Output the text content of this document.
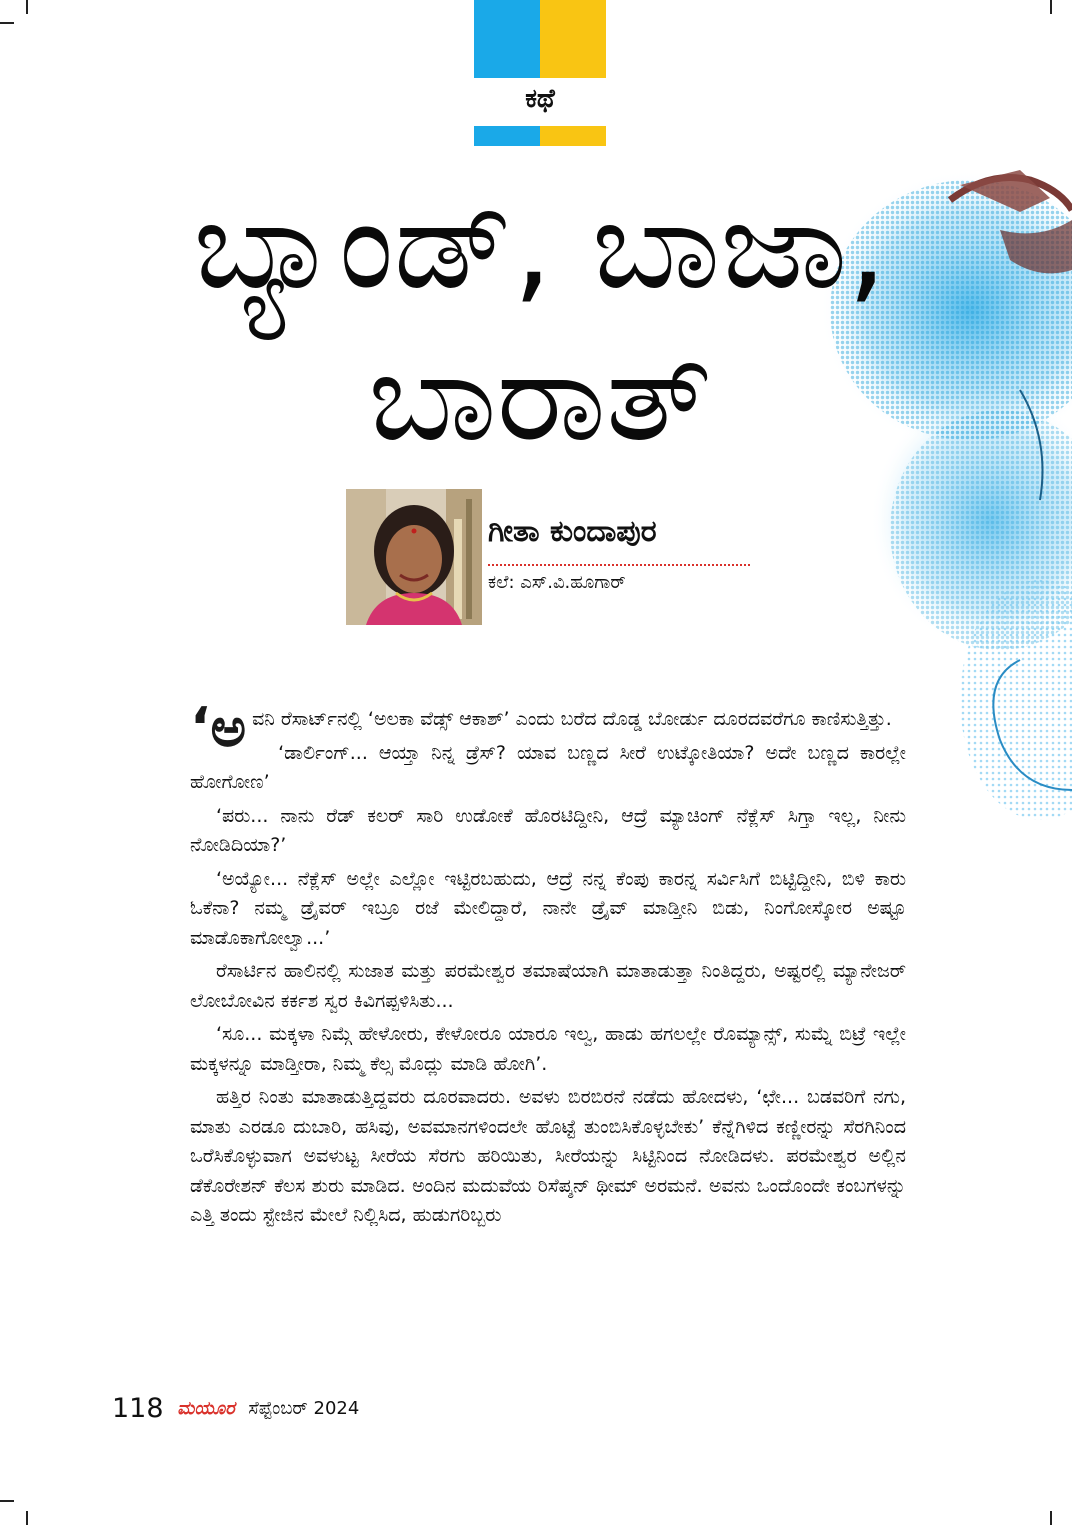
ಕಥೆ
ಬ್ಯಾಂಡ್, ಬಾಜಾ,
ಬಾರಾತ್
ಗೀತಾ ಕುಂದಾಪುರ
ಕಲೆ: ಎಸ್.ವಿ.ಹೂಗಾರ್

‘ಅವನಿ ರೆಸಾರ್ಟ್‌ನಲ್ಲಿ ‘ಅಲಕಾ ವೆಡ್ಸ್ ಆಕಾಶ್’ ಎಂದು ಬರೆದ ದೊಡ್ಡ ಬೋರ್ಡು ದೂರದವರೆಗೂ ಕಾಣಿಸುತ್ತಿತ್ತು.

‘ಡಾರ್ಲಿಂಗ್... ಆಯ್ತಾ ನಿನ್ನ ಡ್ರೆಸ್? ಯಾವ ಬಣ್ಣದ ಸೀರೆ ಉಟ್ಕೋತಿಯಾ? ಅದೇ ಬಣ್ಣದ ಕಾರಲ್ಲೇ ಹೋಗೋಣ’

‘ಪರು... ನಾನು ರೆಡ್ ಕಲರ್ ಸಾರಿ ಉಡೋಕೆ ಹೊರಟಿದ್ದೀನಿ, ಆದ್ರೆ ಮ್ಯಾಚಿಂಗ್ ನೆಕ್ಲೆಸ್ ಸಿಗ್ತಾ ಇಲ್ಲ, ನೀನು ನೋಡಿದಿಯಾ?’

‘ಅಯ್ಯೋ... ನೆಕ್ಲೆಸ್ ಅಲ್ಲೇ ಎಲ್ಲೋ ಇಟ್ಟಿರಬಹುದು, ಆದ್ರೆ ನನ್ನ ಕೆಂಪು ಕಾರನ್ನ ಸರ್ವಿಸಿಗೆ ಬಿಟ್ಟಿದ್ದೀನಿ, ಬಿಳಿ ಕಾರು ಓಕೆನಾ? ನಮ್ಮ ಡ್ರೈವರ್ ಇಬ್ರೂ ರಜೆ ಮೇಲಿದ್ದಾರೆ, ನಾನೇ ಡ್ರೈವ್ ಮಾಡ್ತೀನಿ ಬಿಡು, ನಿಂಗೋಸ್ಕೋರ ಅಷ್ಟೂ ಮಾಡೊಕಾಗೋಲ್ವಾ...’

ರೆಸಾರ್ಟಿನ ಹಾಲಿನಲ್ಲಿ ಸುಜಾತ ಮತ್ತು ಪರಮೇಶ್ವರ ತಮಾಷೆಯಾಗಿ ಮಾತಾಡುತ್ತಾ ನಿಂತಿದ್ದರು, ಅಷ್ಟರಲ್ಲಿ ಮ್ಯಾನೇಜರ್ ಲೋಬೋವಿನ ಕರ್ಕಶ ಸ್ವರ ಕಿವಿಗಪ್ಪಳಿಸಿತು...

‘ಸೂ... ಮಕ್ಕಳಾ ನಿಮ್ಗೆ ಹೇಳೋರು, ಕೇಳೋರೂ ಯಾರೂ ಇಲ್ವ, ಹಾಡು ಹಗಲಲ್ಲೇ ರೊಮ್ಯಾನ್ಸ್, ಸುಮ್ನೆ ಬಿಟ್ರೆ ಇಲ್ಲೇ ಮಕ್ಕಳನ್ನೂ ಮಾಡ್ತೀರಾ, ನಿಮ್ಮ ಕೆಲ್ಸ ಮೊದ್ಲು ಮಾಡಿ ಹೋಗಿ’.

ಹತ್ತಿರ ನಿಂತು ಮಾತಾಡುತ್ತಿದ್ದವರು ದೂರವಾದರು. ಅವಳು ಬಿರಬಿರನೆ ನಡೆದು ಹೋದಳು, ‘ಛೇ... ಬಡವರಿಗೆ ನಗು, ಮಾತು ಎರಡೂ ದುಬಾರಿ, ಹಸಿವು, ಅವಮಾನಗಳಿಂದಲೇ ಹೊಟ್ಟೆ ತುಂಬಿಸಿಕೊಳ್ಳಬೇಕು’ ಕೆನ್ನೆಗಿಳಿದ ಕಣ್ಣೀರನ್ನು ಸೆರಗಿನಿಂದ ಒರೆಸಿಕೊಳ್ಳುವಾಗ ಅವಳುಟ್ಟ ಸೀರೆಯ ಸೆರಗು ಹರಿಯಿತು, ಸೀರೆಯನ್ನು ಸಿಟ್ಟಿನಿಂದ ನೋಡಿದಳು. ಪರಮೇಶ್ವರ ಅಲ್ಲಿನ ಡೆಕೊರೇಶನ್ ಕೆಲಸ ಶುರು ಮಾಡಿದ. ಅಂದಿನ ಮದುವೆಯ ರಿಸೆಪ್ಶನ್ ಥೀಮ್ ಅರಮನೆ. ಅವನು ಒಂದೊಂದೇ ಕಂಬಗಳನ್ನು ಎತ್ತಿ ತಂದು ಸ್ಟೇಜಿನ ಮೇಲೆ ನಿಲ್ಲಿಸಿದ, ಹುಡುಗರಿಬ್ಬರು

118 ಮಯೂರ ಸೆಪ್ಟೆಂಬರ್ 2024
